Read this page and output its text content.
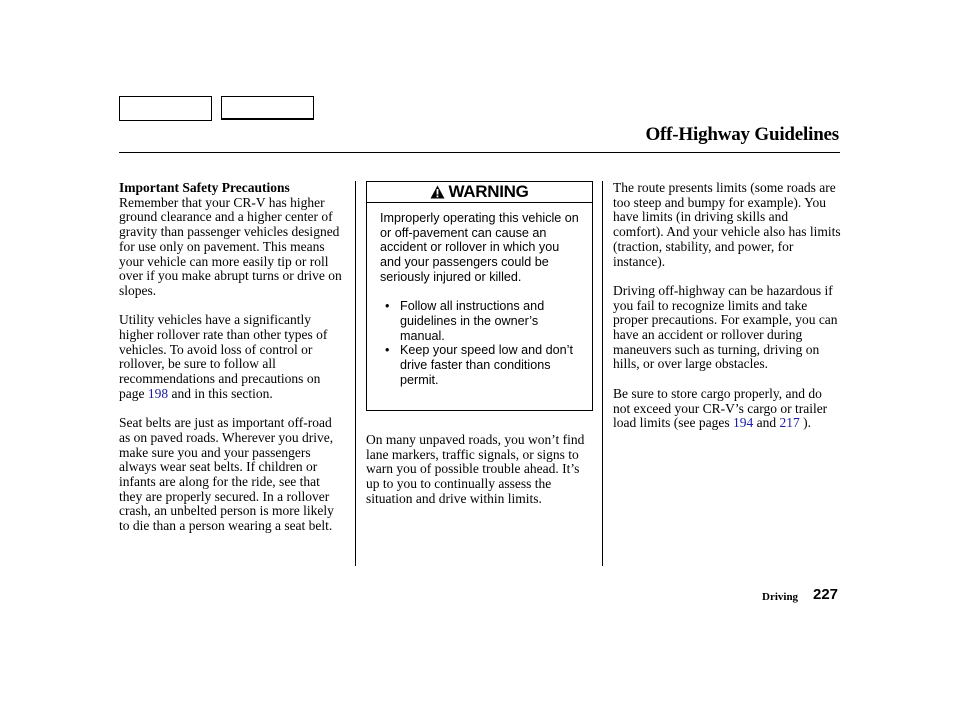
Off-Highway Guidelines

Important Safety Precautions
Remember that your CR-V has higher ground clearance and a higher center of gravity than passenger vehicles designed for use only on pavement. This means your vehicle can more easily tip or roll over if you make abrupt turns or drive on slopes.

Utility vehicles have a significantly higher rollover rate than other types of vehicles. To avoid loss of control or rollover, be sure to follow all recommendations and precautions on page 198 and in this section.

Seat belts are just as important off-road as on paved roads. Wherever you drive, make sure you and your passengers always wear seat belts. If children or infants are along for the ride, see that they are properly secured. In a rollover crash, an unbelted person is more likely to die than a person wearing a seat belt.

WARNING

Improperly operating this vehicle on or off-pavement can cause an accident or rollover in which you and your passengers could be seriously injured or killed.

• Follow all instructions and guidelines in the owner’s manual.
• Keep your speed low and don’t drive faster than conditions permit.

On many unpaved roads, you won’t find lane markers, traffic signals, or signs to warn you of possible trouble ahead. It’s up to you to continually assess the situation and drive within limits.

The route presents limits (some roads are too steep and bumpy for example). You have limits (in driving skills and comfort). And your vehicle also has limits (traction, stability, and power, for instance).

Driving off-highway can be hazardous if you fail to recognize limits and take proper precautions. For example, you can have an accident or rollover during maneuvers such as turning, driving on hills, or over large obstacles.

Be sure to store cargo properly, and do not exceed your CR-V’s cargo or trailer load limits (see pages 194 and 217 ).

Driving 227
